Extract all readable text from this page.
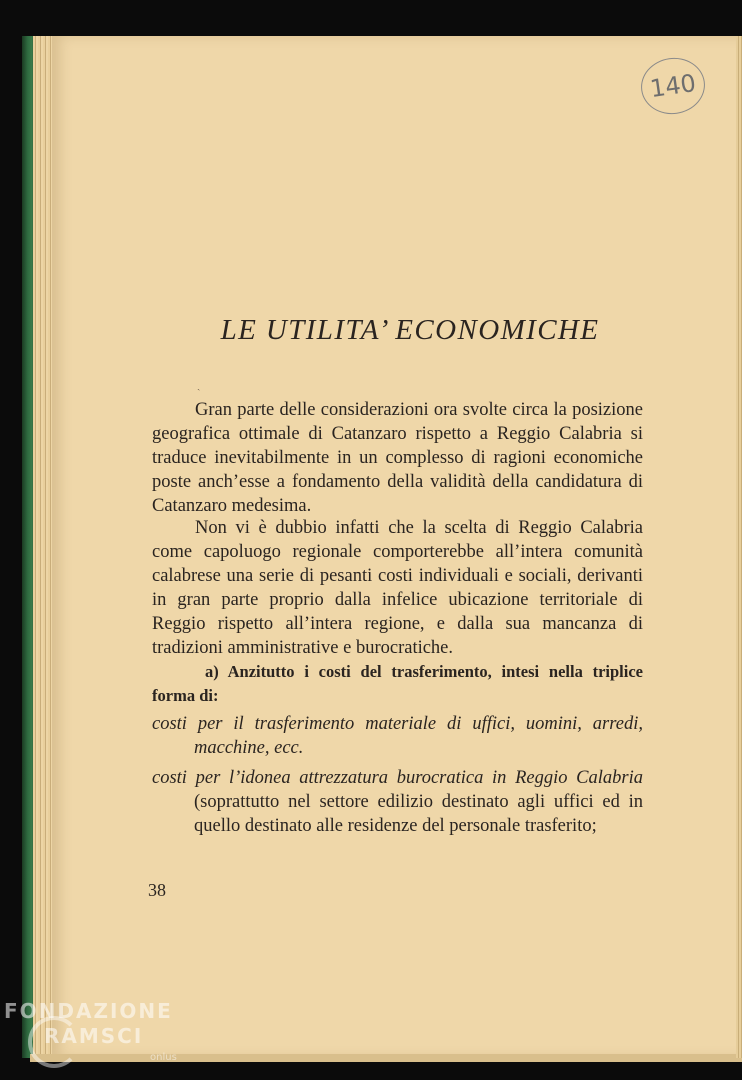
140
LE UTILITA’ ECONOMICHE
ˎ

Gran parte delle considerazioni ora svolte circa la posizione geografica ottimale di Catanzaro rispetto a Reggio Calabria si traduce inevitabilmente in un complesso di ragioni economiche poste anch’esse a fondamento della validità della candidatura di Catanzaro medesima.

Non vi è dubbio infatti che la scelta di Reggio Calabria come capoluogo regionale comporterebbe all’intera comunità calabrese una serie di pesanti costi individuali e sociali, derivanti in gran parte proprio dalla infelice ubicazione territoriale di Reggio rispetto all’intera regione, e dalla sua mancanza di tradizioni amministrative e burocratiche.

a) Anzitutto i costi del trasferimento, intesi nella triplice forma di:

costi per il trasferimento materiale di uffici, uomini, arredi, macchine, ecc.
costi per l’idonea attrezzatura burocratica in Reggio Calabria (soprattutto nel settore edilizio destinato agli uffici ed in quello destinato alle residenze del personale trasferito;
38
FONDAZIONE
RAMSCI
onlus
